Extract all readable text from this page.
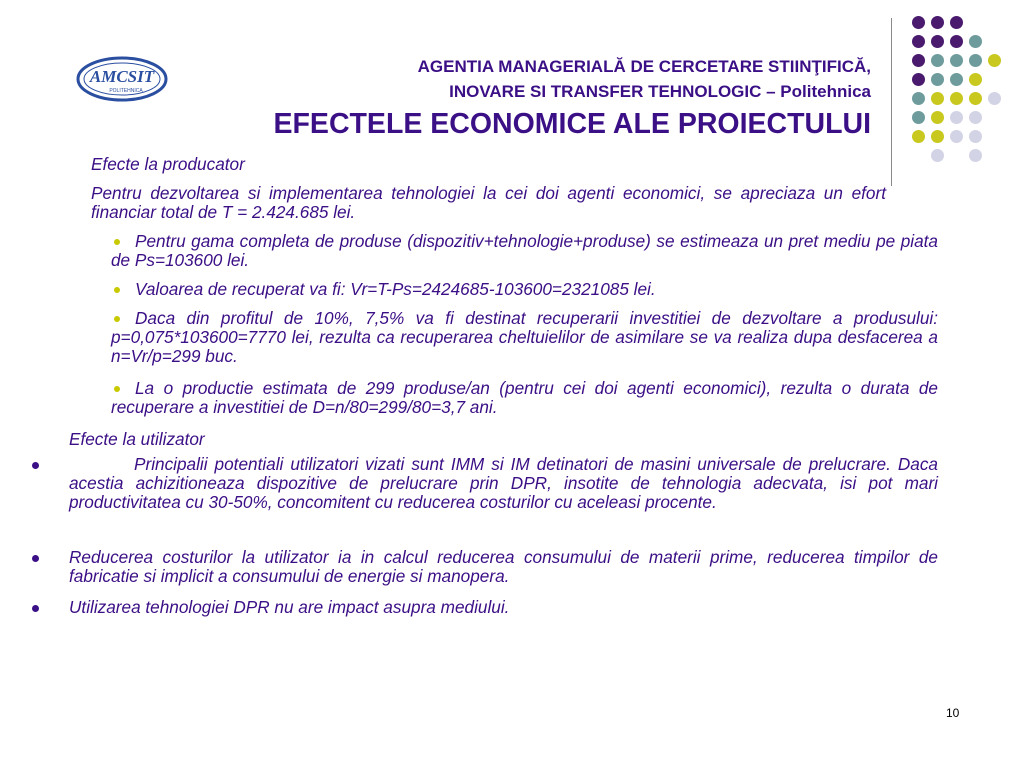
AMCSIT
POLITEHNICA
AGENTIA MANAGERIALĂ DE CERCETARE STIINŢIFICĂ,
INOVARE SI TRANSFER TEHNOLOGIC – Politehnica
EFECTELE ECONOMICE ALE PROIECTULUI
Efecte la producator
Pentru dezvoltarea si implementarea tehnologiei la cei doi agenti economici, se apreciaza un efort financiar total de T = 2.424.685 lei.
Pentru gama completa de produse (dispozitiv+tehnologie+produse) se estimeaza un pret mediu pe piata de Ps=103600 lei.
Valoarea de recuperat va fi: Vr=T-Ps=2424685-103600=2321085 lei.
Daca din profitul de 10%, 7,5% va fi destinat recuperarii investitiei de dezvoltare a produsului: p=0,075*103600=7770 lei, rezulta ca recuperarea cheltuielilor de asimilare se va realiza dupa desfacerea a n=Vr/p=299 buc.
La o productie estimata de 299 produse/an (pentru cei doi agenti economici), rezulta o durata de recuperare a investitiei de D=n/80=299/80=3,7 ani.
Efecte la utilizator
Principalii potentiali utilizatori vizati sunt IMM si IM detinatori de masini universale de prelucrare. Daca acestia achizitioneaza dispozitive de prelucrare prin DPR, insotite de tehnologia adecvata, isi pot mari productivitatea cu 30-50%, concomitent cu reducerea costurilor cu aceleasi procente.
Reducerea costurilor la utilizator ia in calcul reducerea consumului de materii prime, reducerea timpilor de fabricatie si implicit a consumului de energie si manopera.
Utilizarea tehnologiei DPR nu are impact asupra mediului.
10
